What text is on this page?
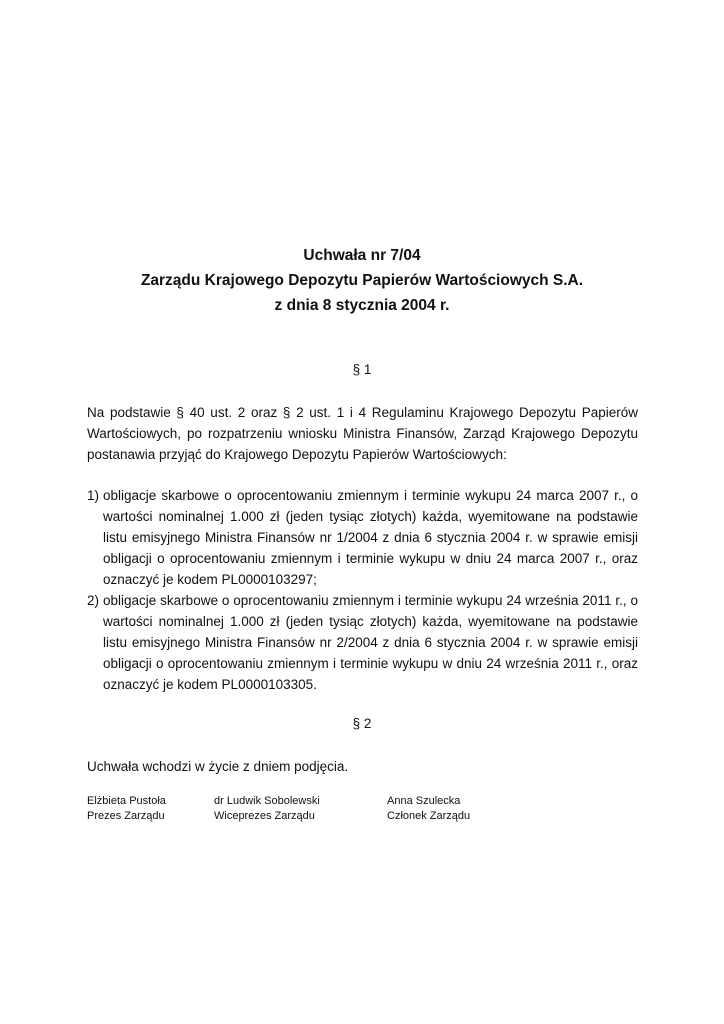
Uchwała nr 7/04
Zarządu Krajowego Depozytu Papierów Wartościowych S.A.
z dnia 8 stycznia 2004 r.
§ 1

Na podstawie § 40 ust. 2 oraz § 2 ust. 1 i 4 Regulaminu Krajowego Depozytu Papierów Wartościowych, po rozpatrzeniu wniosku Ministra Finansów, Zarząd Krajowego Depozytu postanawia przyjąć do Krajowego Depozytu Papierów Wartościowych:

1) obligacje skarbowe o oprocentowaniu zmiennym i terminie wykupu 24 marca 2007 r., o wartości nominalnej 1.000 zł (jeden tysiąc złotych) każda, wyemitowane na podstawie listu emisyjnego Ministra Finansów nr 1/2004 z dnia 6 stycznia 2004 r. w sprawie emisji obligacji o oprocentowaniu zmiennym i terminie wykupu w dniu 24 marca 2007 r., oraz oznaczyć je kodem PL0000103297;
2) obligacje skarbowe o oprocentowaniu zmiennym i terminie wykupu 24 września 2011 r., o wartości nominalnej 1.000 zł (jeden tysiąc złotych) każda, wyemitowane na podstawie listu emisyjnego Ministra Finansów nr 2/2004 z dnia 6 stycznia 2004 r. w sprawie emisji obligacji o oprocentowaniu zmiennym i terminie wykupu w dniu 24 września 2011 r., oraz oznaczyć je kodem PL0000103305.
§ 2

Uchwała wchodzi w życie z dniem podjęcia.

Elżbieta Pustoła
Prezes Zarządu
dr Ludwik Sobolewski
Wiceprezes Zarządu
Anna Szulecka
Członek Zarządu
